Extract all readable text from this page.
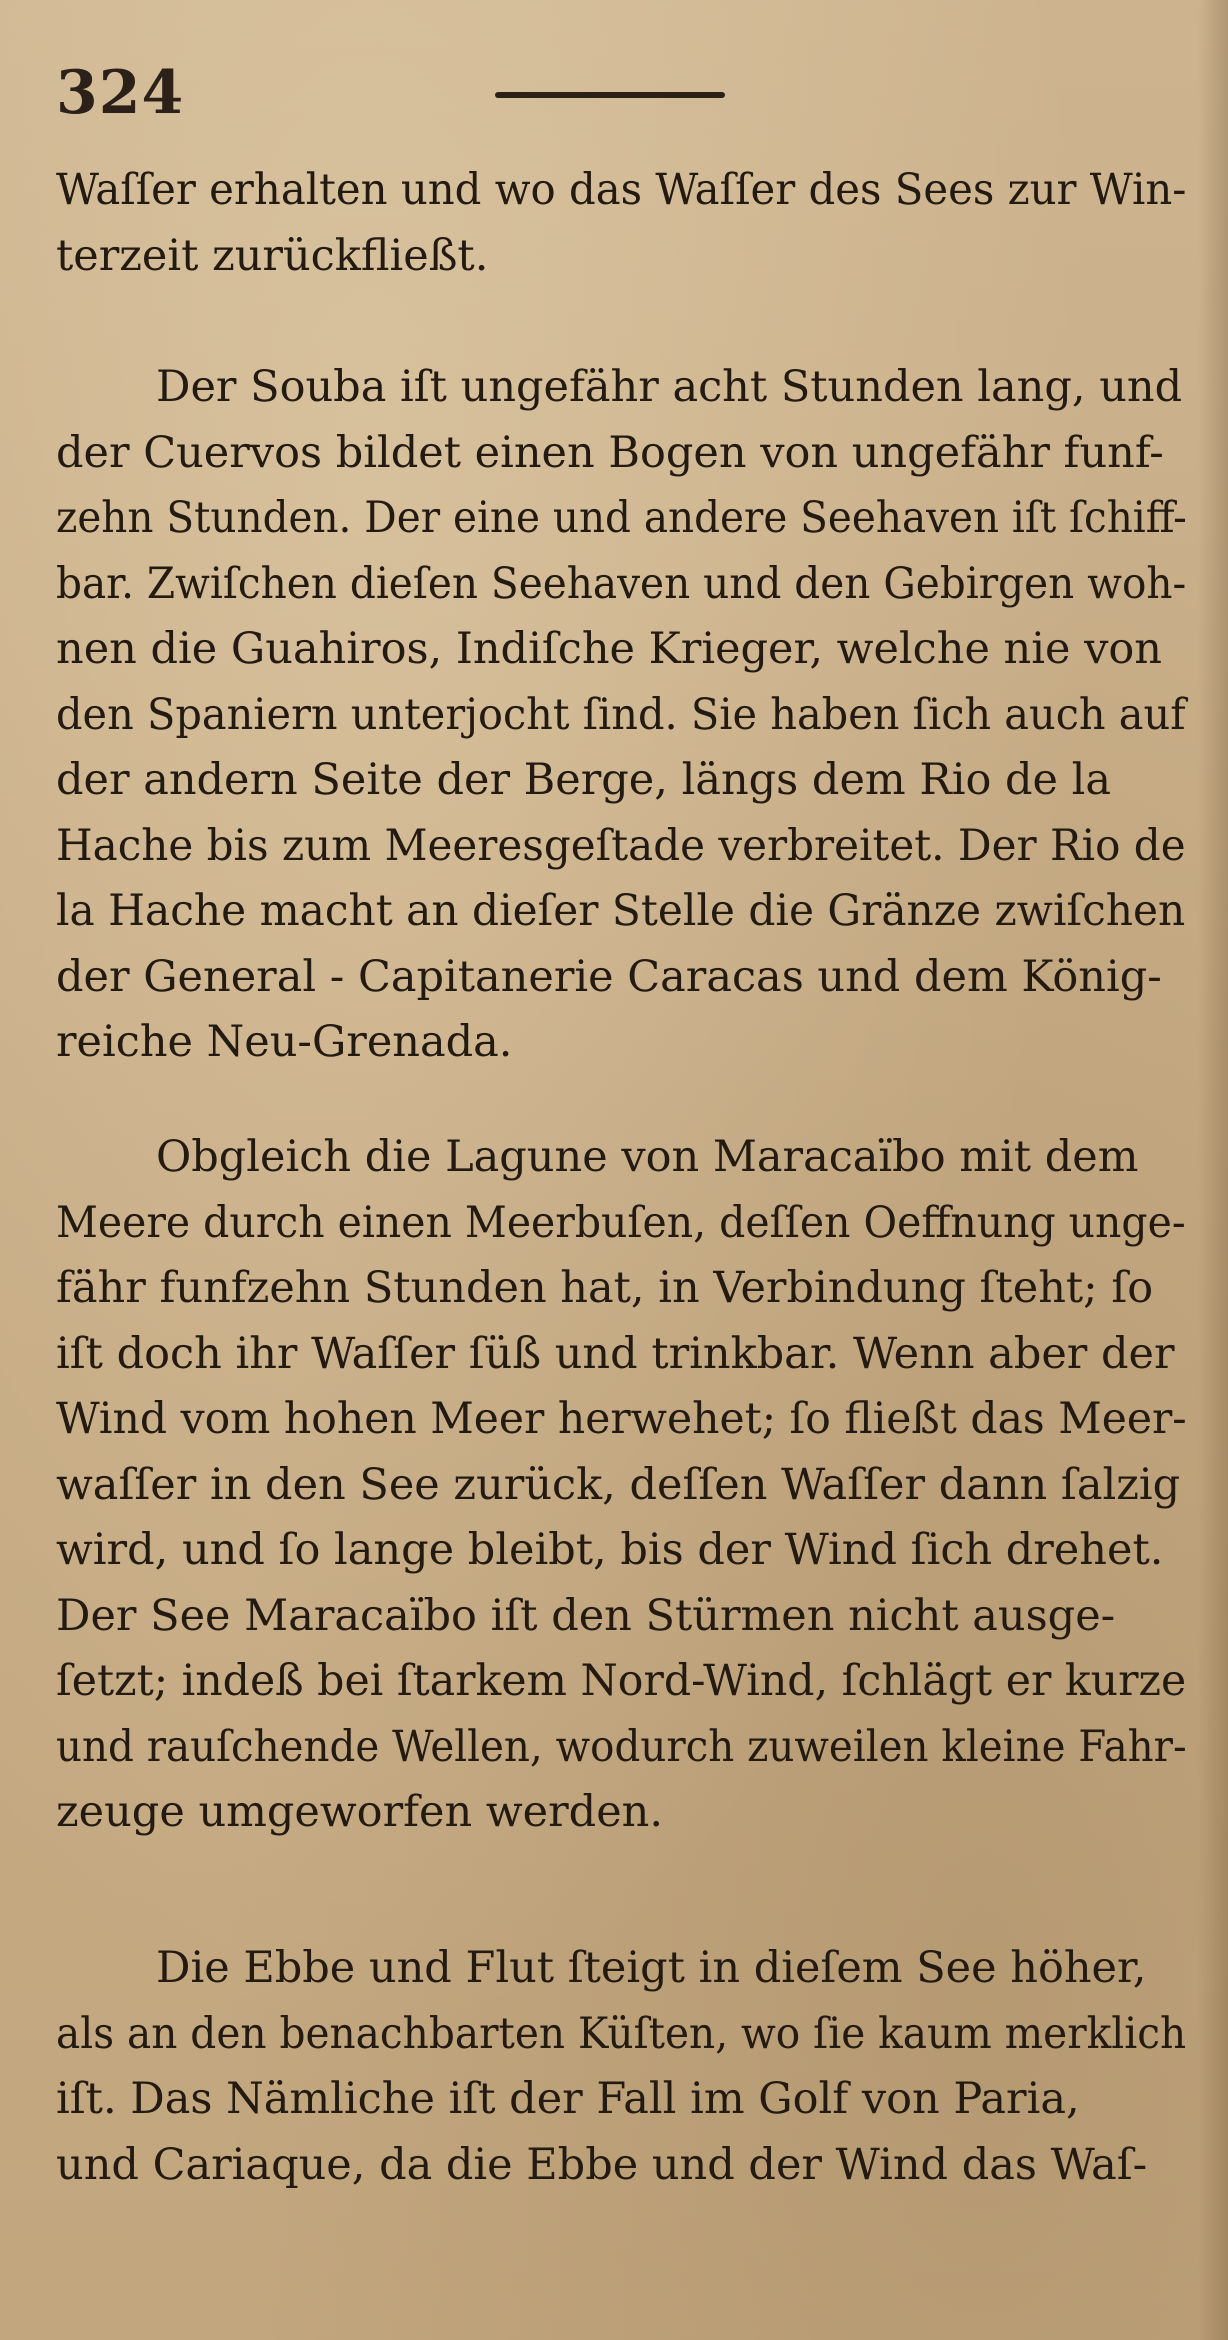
324
Waſſer erhalten und wo das Waſſer des Sees zur Win-
terzeit zurückfließt.
Der Souba iſt ungefähr acht Stunden lang, und
der Cuervos bildet einen Bogen von ungefähr funf-
zehn Stunden. Der eine und andere Seehaven iſt ſchiff-
bar. Zwiſchen dieſen Seehaven und den Gebirgen woh-
nen die Guahiros, Indiſche Krieger, welche nie von
den Spaniern unterjocht ſind. Sie haben ſich auch auf
der andern Seite der Berge, längs dem Rio de la
Hache bis zum Meeresgeſtade verbreitet. Der Rio de
la Hache macht an dieſer Stelle die Gränze zwiſchen
der General - Capitanerie Caracas und dem König-
reiche Neu-Grenada.
Obgleich die Lagune von Maracaïbo mit dem
Meere durch einen Meerbuſen, deſſen Oeffnung unge-
fähr funfzehn Stunden hat, in Verbindung ſteht; ſo
iſt doch ihr Waſſer ſüß und trinkbar. Wenn aber der
Wind vom hohen Meer herwehet; ſo fließt das Meer-
waſſer in den See zurück, deſſen Waſſer dann ſalzig
wird, und ſo lange bleibt, bis der Wind ſich drehet.
Der See Maracaïbo iſt den Stürmen nicht ausge-
ſetzt; indeß bei ſtarkem Nord-Wind, ſchlägt er kurze
und rauſchende Wellen, wodurch zuweilen kleine Fahr-
zeuge umgeworfen werden.
Die Ebbe und Flut ſteigt in dieſem See höher,
als an den benachbarten Küſten, wo ſie kaum merklich
iſt. Das Nämliche iſt der Fall im Golf von Paria,
und Cariaque, da die Ebbe und der Wind das Waſ-
